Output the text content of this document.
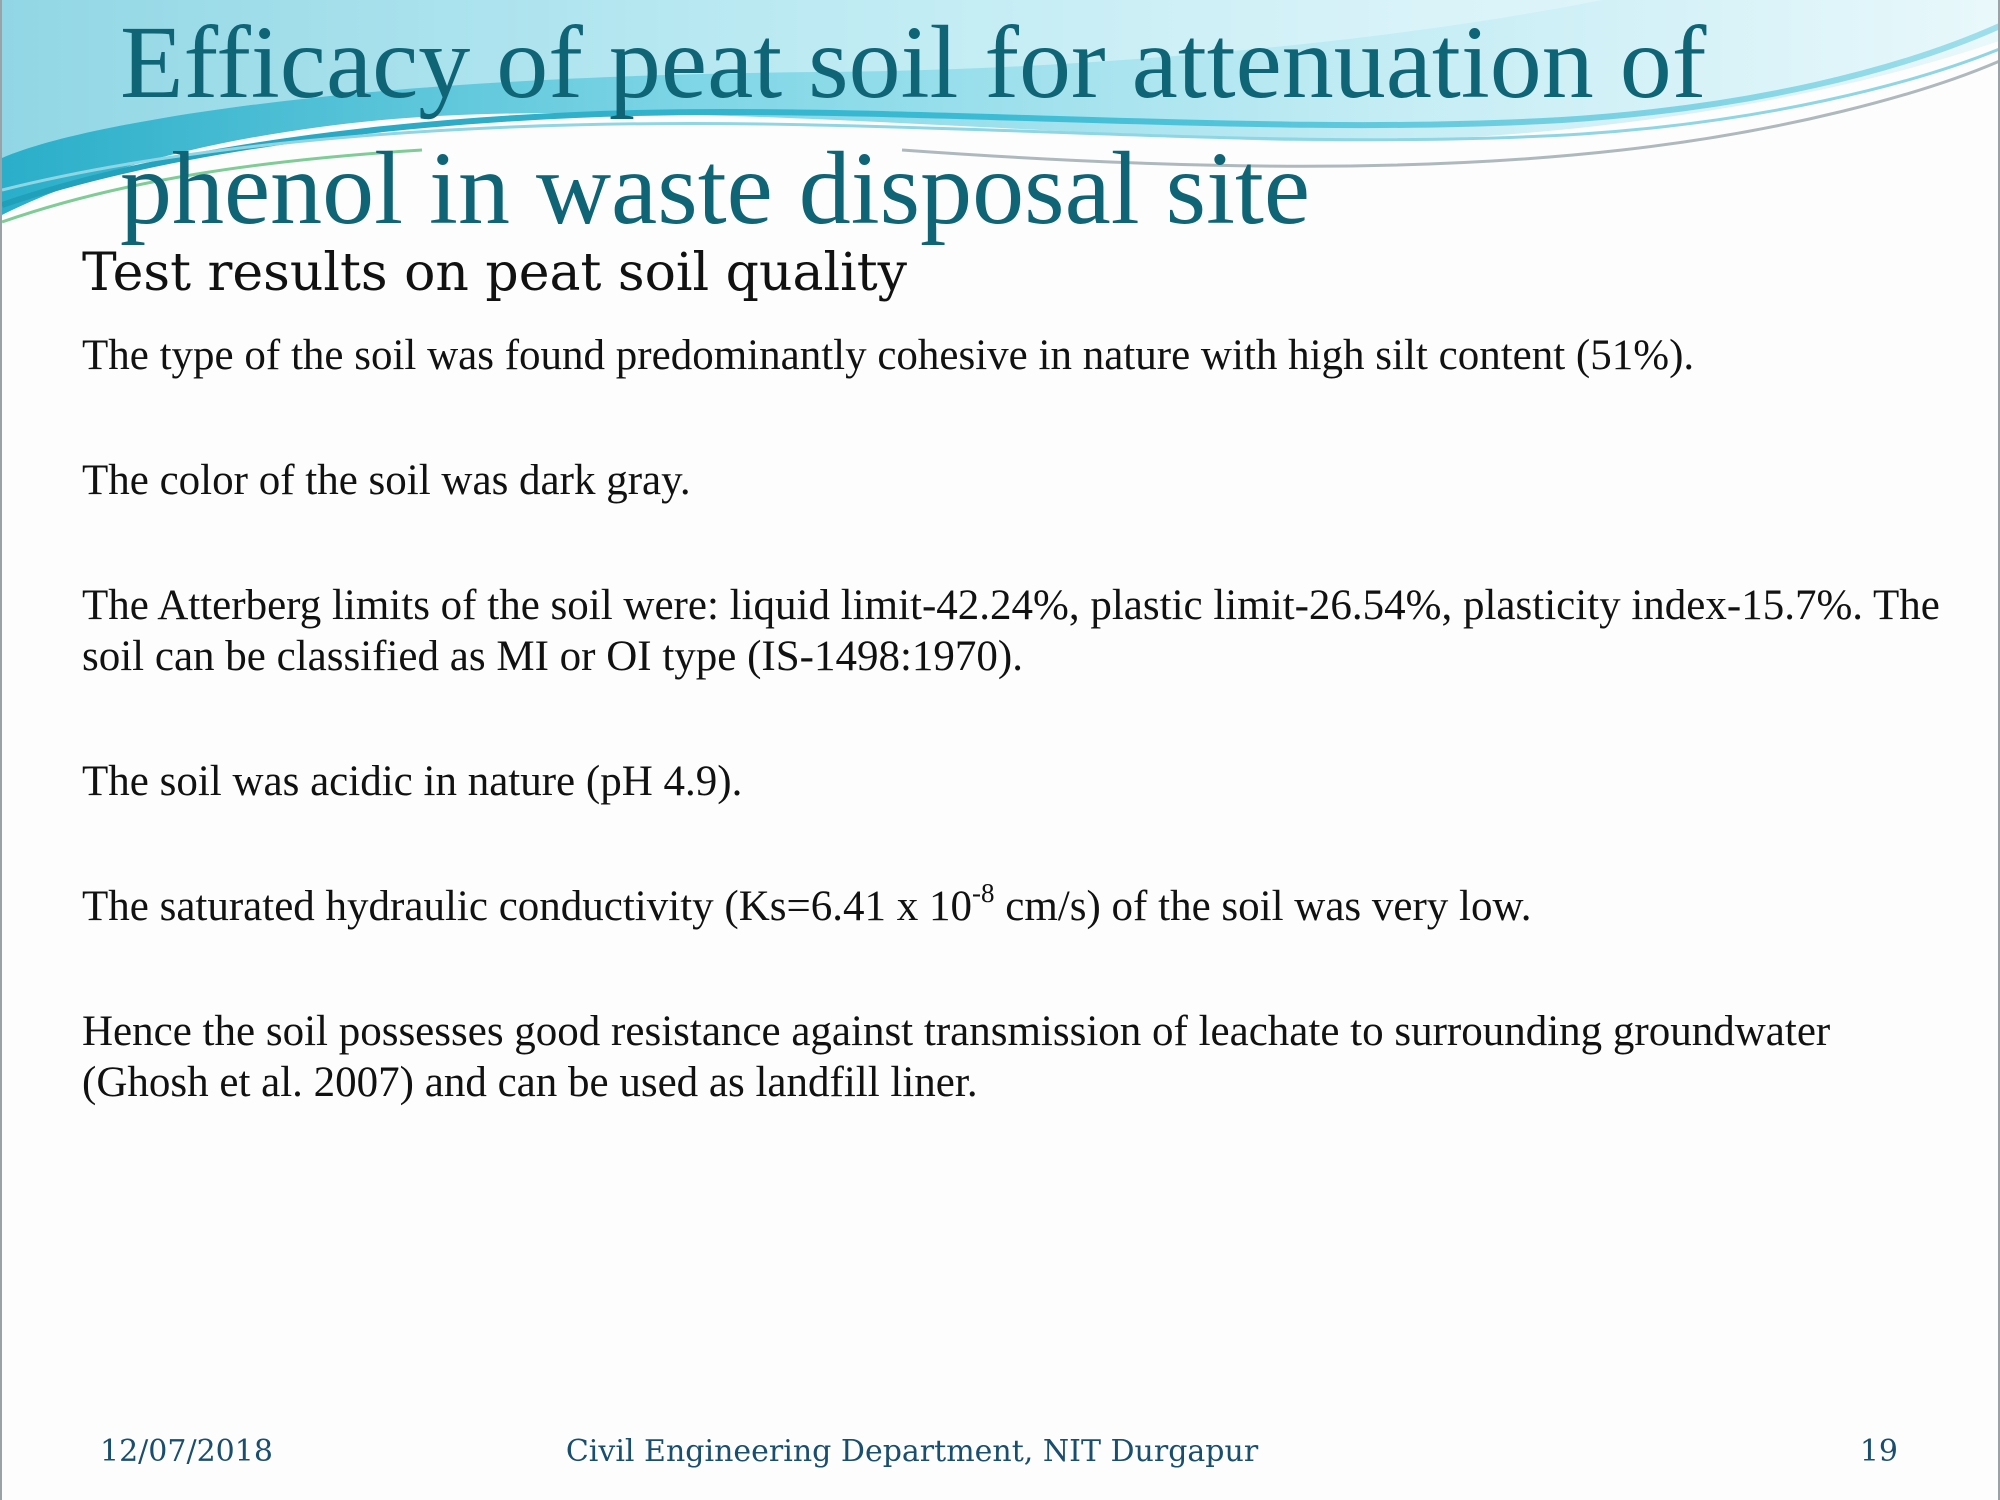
Efficacy of peat soil for attenuation of
phenol in waste disposal site
Test results on peat soil quality
The type of the soil was found predominantly cohesive in nature with high silt content (51%).
The color of the soil was dark gray.
The Atterberg limits of the soil were: liquid limit-42.24%, plastic limit-26.54%, plasticity index-15.7%. The soil can be classified as MI or OI type (IS-1498:1970).
The soil was acidic in nature (pH 4.9).
The saturated hydraulic conductivity (Ks=6.41 x $10^{-8}$ cm/s) of the soil was very low.
Hence the soil possesses good resistance against transmission of leachate to surrounding groundwater (Ghosh et al. 2007) and can be used as landfill liner.
12/07/2018	Civil Engineering Department, NIT Durgapur	19
